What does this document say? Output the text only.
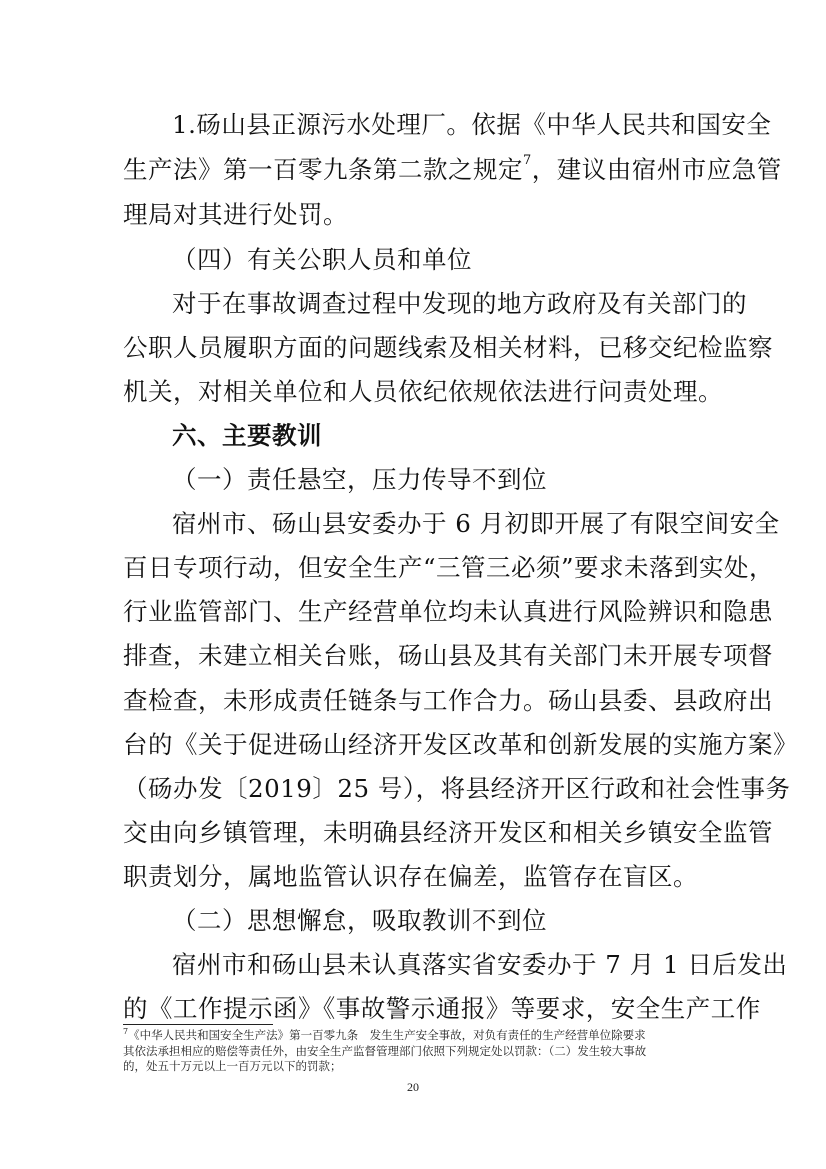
1.砀山县正源污水处理厂。依据《中华人民共和国安全
生产法》第一百零九条第二款之规定$^7$，建议由宿州市应急管
理局对其进行处罚。
（四）有关公职人员和单位
对于在事故调查过程中发现的地方政府及有关部门的
公职人员履职方面的问题线索及相关材料，已移交纪检监察
机关，对相关单位和人员依纪依规依法进行问责处理。
六、主要教训
（一）责任悬空，压力传导不到位
宿州市、砀山县安委办于 6 月初即开展了有限空间安全
百日专项行动，但安全生产“三管三必须”要求未落到实处，
行业监管部门、生产经营单位均未认真进行风险辨识和隐患
排查，未建立相关台账，砀山县及其有关部门未开展专项督
查检查，未形成责任链条与工作合力。砀山县委、县政府出
台的《关于促进砀山经济开发区改革和创新发展的实施方案》
（砀办发〔2019〕25 号），将县经济开区行政和社会性事务
交由向乡镇管理，未明确县经济开发区和相关乡镇安全监管
职责划分，属地监管认识存在偏差，监管存在盲区。
（二）思想懈怠，吸取教训不到位
宿州市和砀山县未认真落实省安委办于 7 月 1 日后发出
的《工作提示函》《事故警示通报》等要求，安全生产工作
$^7$《中华人民共和国安全生产法》第一百零九条　发生生产安全事故，对负有责任的生产经营单位除要求
其依法承担相应的赔偿等责任外，由安全生产监督管理部门依照下列规定处以罚款：（二）发生较大事故
的，处五十万元以上一百万元以下的罚款；
20
